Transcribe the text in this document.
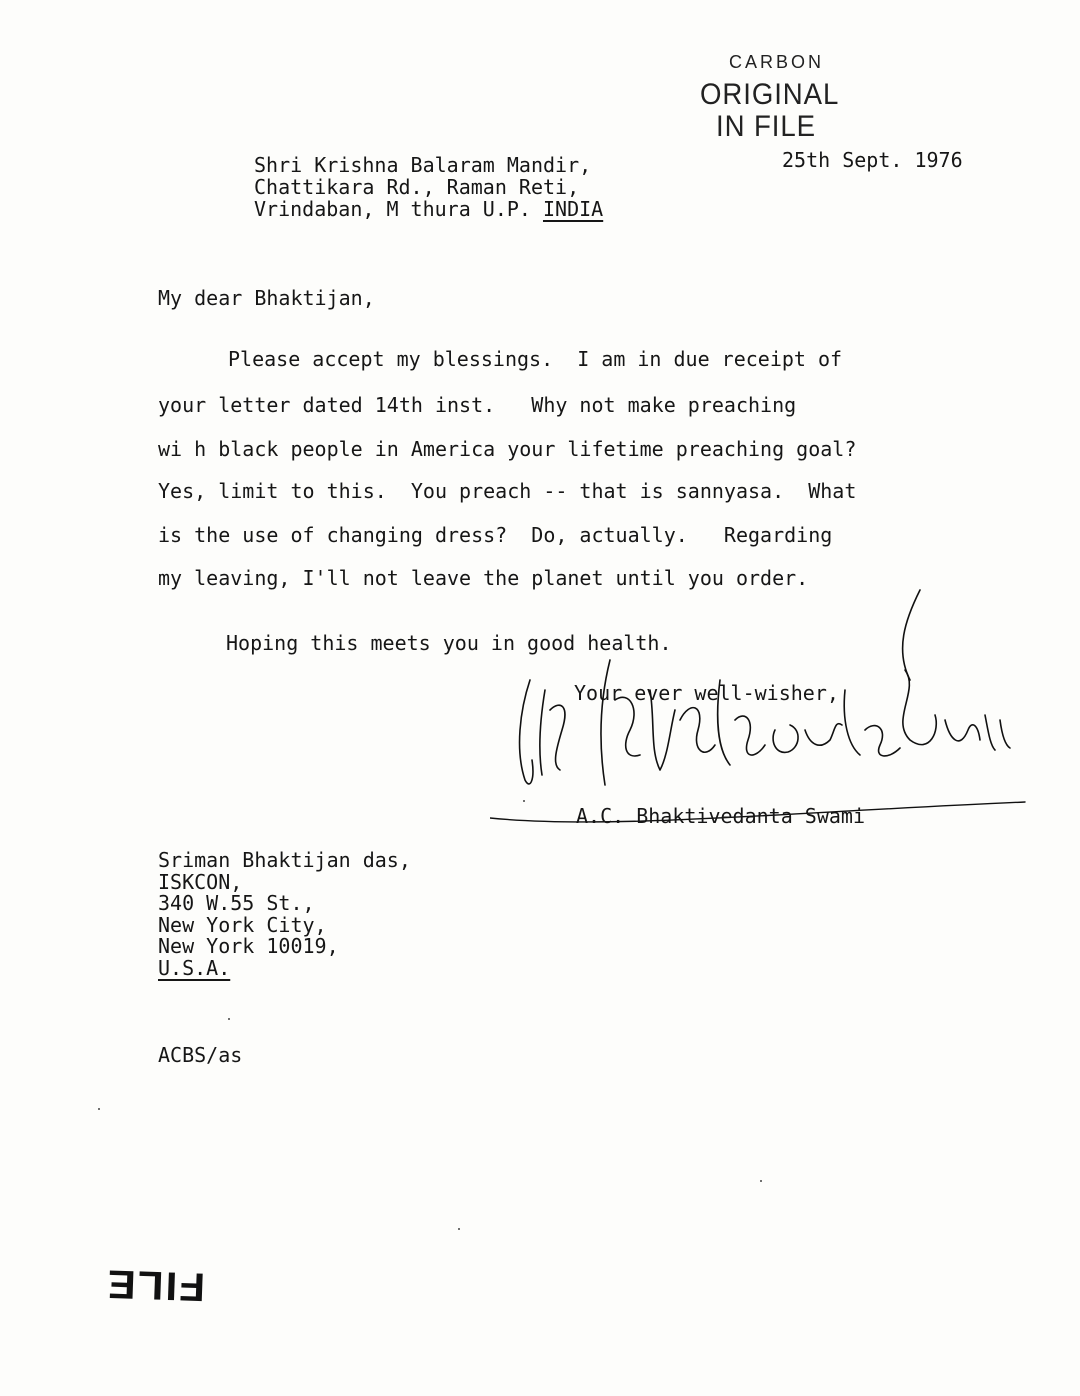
CARBON
ORIGINAL
IN FILE
25th Sept. 1976
Shri Krishna Balaram Mandir,
Chattikara Rd., Raman Reti,
Vrindaban, M thura U.P. INDIA
My dear Bhaktijan,
Please accept my blessings.  I am in due receipt of
your letter dated 14th inst.   Why not make preaching
wi h black people in America your lifetime preaching goal?
Yes, limit to this.  You preach -- that is sannyasa.  What
is the use of changing dress?  Do, actually.   Regarding
my leaving, I'll not leave the planet until you order.
Hoping this meets you in good health.
Your ever well-wisher,
A.C. Bhaktivedanta Swami
Sriman Bhaktijan das,
ISKCON,
340 W.55 St.,
New York City,
New York 10019,
U.S.A.
ACBS/as
FILE
